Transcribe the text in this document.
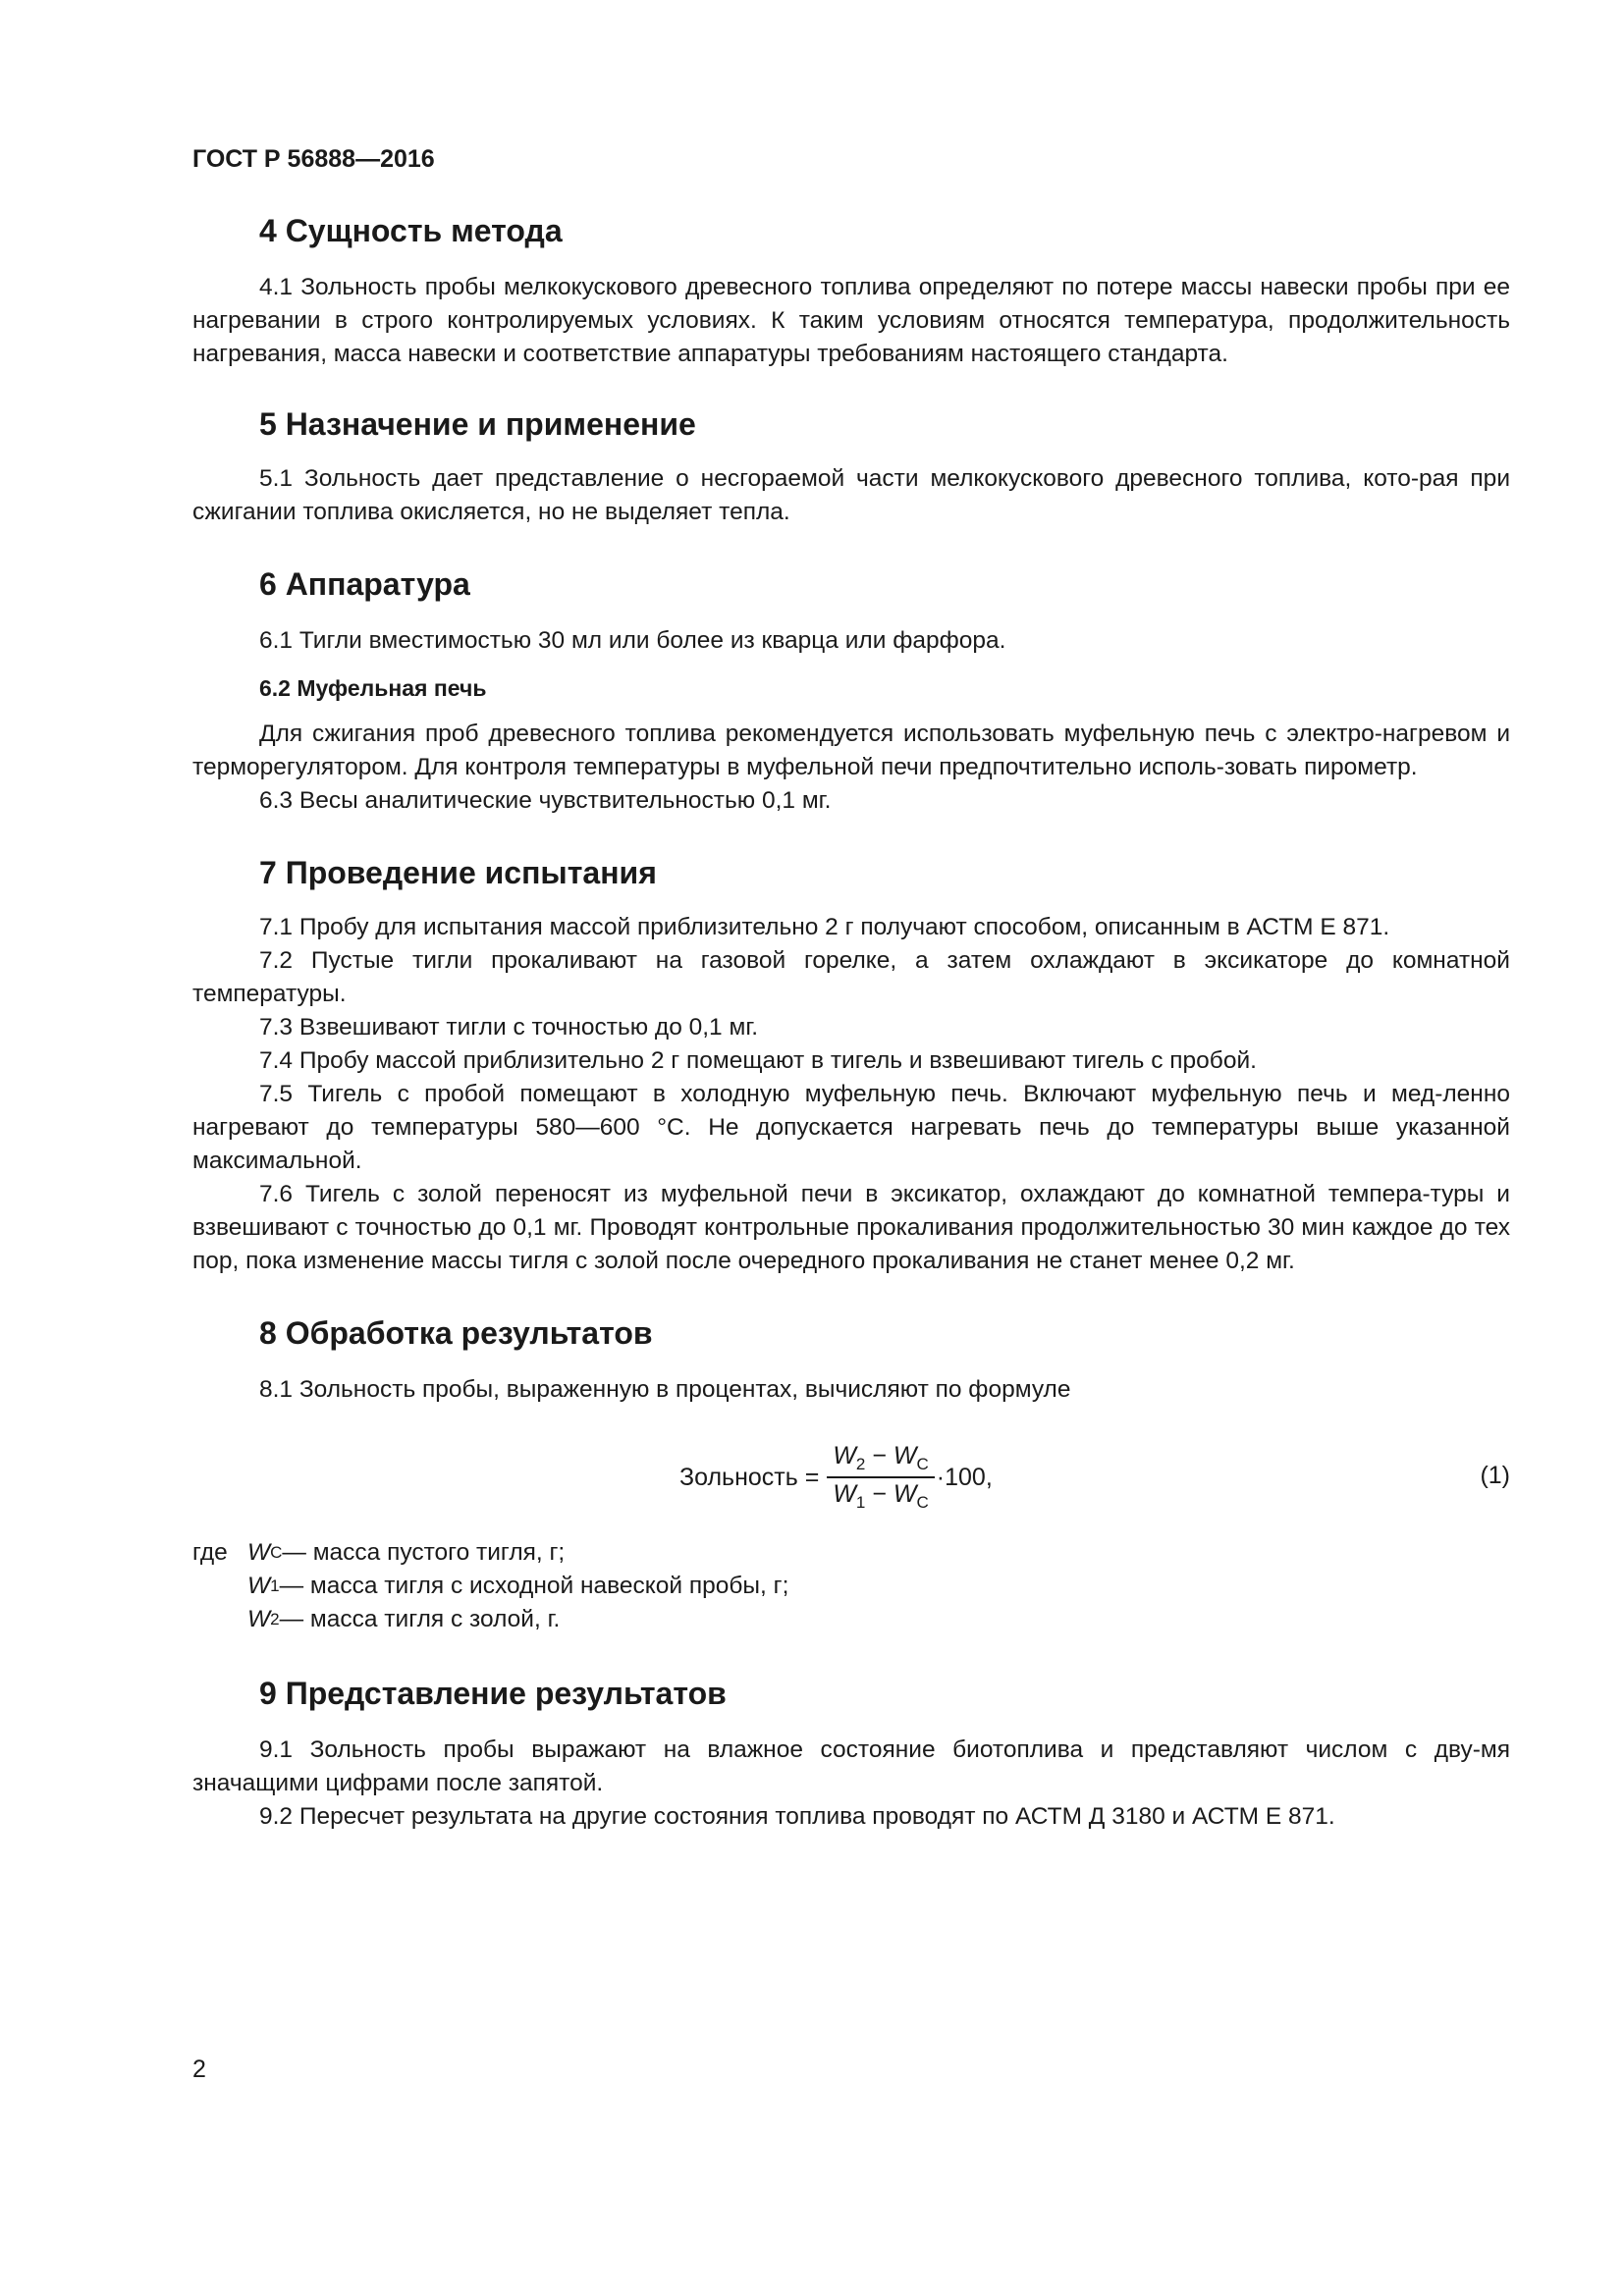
ГОСТ Р 56888—2016
4 Сущность метода

4.1 Зольность пробы мелкокускового древесного топлива определяют по потере массы навески пробы при ее нагревании в строго контролируемых условиях. К таким условиям относятся температура, продолжительность нагревания, масса навески и соответствие аппаратуры требованиям настоящего стандарта.

5 Назначение и применение

5.1 Зольность дает представление о несгораемой части мелкокускового древесного топлива, кото-рая при сжигании топлива окисляется, но не выделяет тепла.

6 Аппаратура

6.1 Тигли вместимостью 30 мл или более из кварца или фарфора.

6.2 Муфельная печь

Для сжигания проб древесного топлива рекомендуется использовать муфельную печь с электро-нагревом и терморегулятором. Для контроля температуры в муфельной печи предпочтительно исполь-зовать пирометр.

6.3 Весы аналитические чувствительностью 0,1 мг.

7 Проведение испытания

7.1 Пробу для испытания массой приблизительно 2 г получают способом, описанным в АСТМ Е 871.

7.2 Пустые тигли прокаливают на газовой горелке, а затем охлаждают в эксикаторе до комнатной температуры.

7.3 Взвешивают тигли с точностью до 0,1 мг.

7.4 Пробу массой приблизительно 2 г помещают в тигель и взвешивают тигель с пробой.

7.5 Тигель с пробой помещают в холодную муфельную печь. Включают муфельную печь и мед-ленно нагревают до температуры 580—600 °С. Не допускается нагревать печь до температуры выше указанной максимальной.

7.6 Тигель с золой переносят из муфельной печи в эксикатор, охлаждают до комнатной темпера-туры и взвешивают с точностью до 0,1 мг. Проводят контрольные прокаливания продолжительностью 30 мин каждое до тех пор, пока изменение массы тигля с золой после очередного прокаливания не станет менее 0,2 мг.

8 Обработка результатов

8.1 Зольность пробы, выраженную в процентах, вычисляют по формуле

Зольность = $\frac{W_2 - W_C}{W_1 - W_C} \cdot 100$,	(1)
где W C — масса пустого тигля, г;
W 1 — масса тигля с исходной навеской пробы, г;
W 2 — масса тигля с золой, г.
9 Представление результатов

9.1 Зольность пробы выражают на влажное состояние биотоплива и представляют числом с дву-мя значащими цифрами после запятой.

9.2 Пересчет результата на другие состояния топлива проводят по АСТМ Д 3180 и АСТМ Е 871.

2
